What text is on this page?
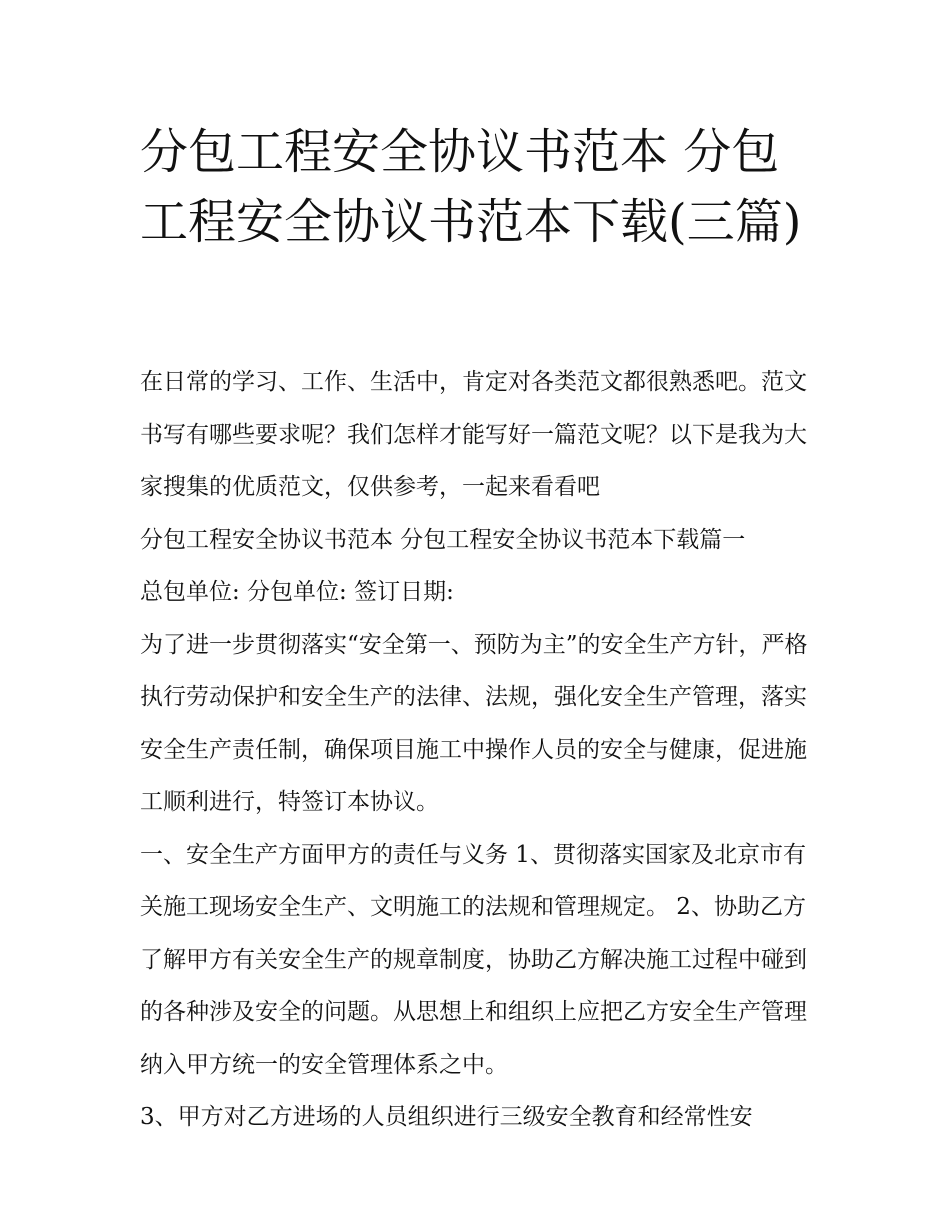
分包工程安全协议书范本 分包工程安全协议书范本下载(三篇)

在日常的学习、工作、生活中，肯定对各类范文都很熟悉吧。范文书写有哪些要求呢？我们怎样才能写好一篇范文呢？以下是我为大家搜集的优质范文，仅供参考，一起来看看吧

分包工程安全协议书范本 分包工程安全协议书范本下载篇一

总包单位: 分包单位: 签订日期:

为了进一步贯彻落实“安全第一、预防为主”的安全生产方针，严格执行劳动保护和安全生产的法律、法规，强化安全生产管理，落实安全生产责任制，确保项目施工中操作人员的安全与健康，促进施工顺利进行，特签订本协议。

一、安全生产方面甲方的责任与义务 1、贯彻落实国家及北京市有关施工现场安全生产、文明施工的法规和管理规定。 2、协助乙方了解甲方有关安全生产的规章制度，协助乙方解决施工过程中碰到的各种涉及安全的问题。从思想上和组织上应把乙方安全生产管理纳入甲方统一的安全管理体系之中。

3、甲方对乙方进场的人员组织进行三级安全教育和经常性安
